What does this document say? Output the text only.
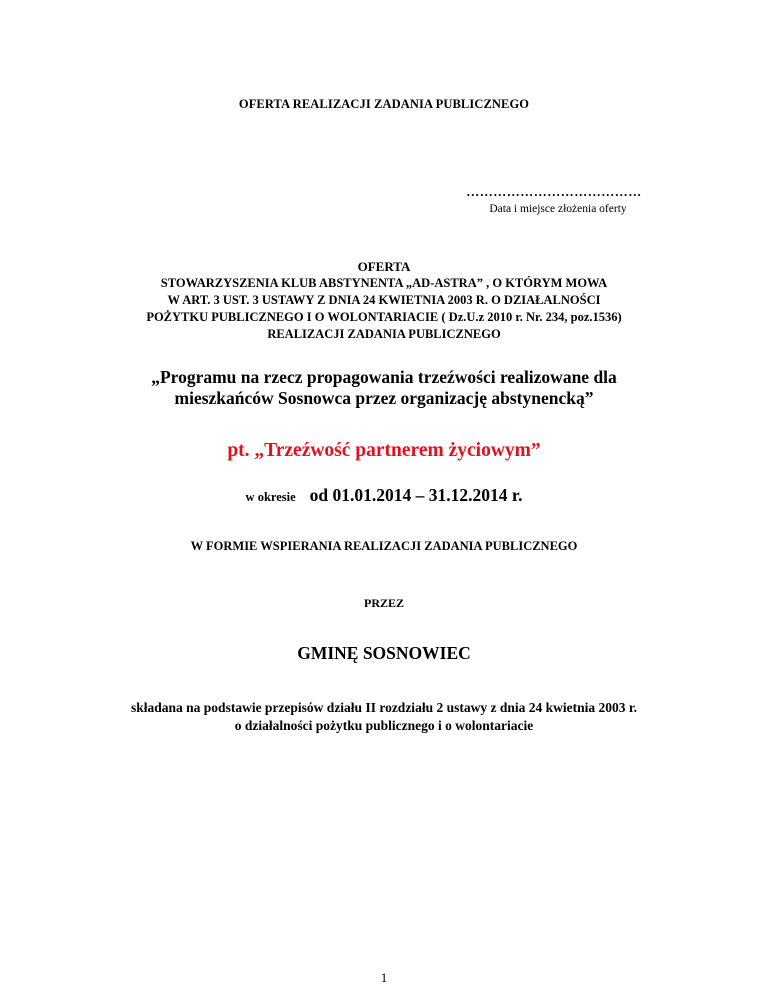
OFERTA REALIZACJI ZADANIA PUBLICZNEGO
…………………………………
Data i miejsce złożenia oferty
OFERTA
STOWARZYSZENIA KLUB ABSTYNENTA „AD-ASTRA” , O KTÓRYM MOWA
W ART. 3 UST. 3 USTAWY Z DNIA 24 KWIETNIA 2003 R. O DZIAŁALNOŚCI
POŻYTKU PUBLICZNEGO I O WOLONTARIACIE ( Dz.U.z 2010 r. Nr. 234, poz.1536)
REALIZACJI ZADANIA PUBLICZNEGO
„Programu na rzecz propagowania trzeźwości realizowane dla
mieszkańców Sosnowca przez organizację abstynencką”
pt. „Trzeźwość partnerem życiowym”
w okresie od 01.01.2014 – 31.12.2014 r.
W FORMIE WSPIERANIA REALIZACJI ZADANIA PUBLICZNEGO
PRZEZ
GMINĘ SOSNOWIEC
składana na podstawie przepisów działu II rozdziału 2 ustawy z dnia 24 kwietnia 2003 r.
o działalności pożytku publicznego i o wolontariacie
1
